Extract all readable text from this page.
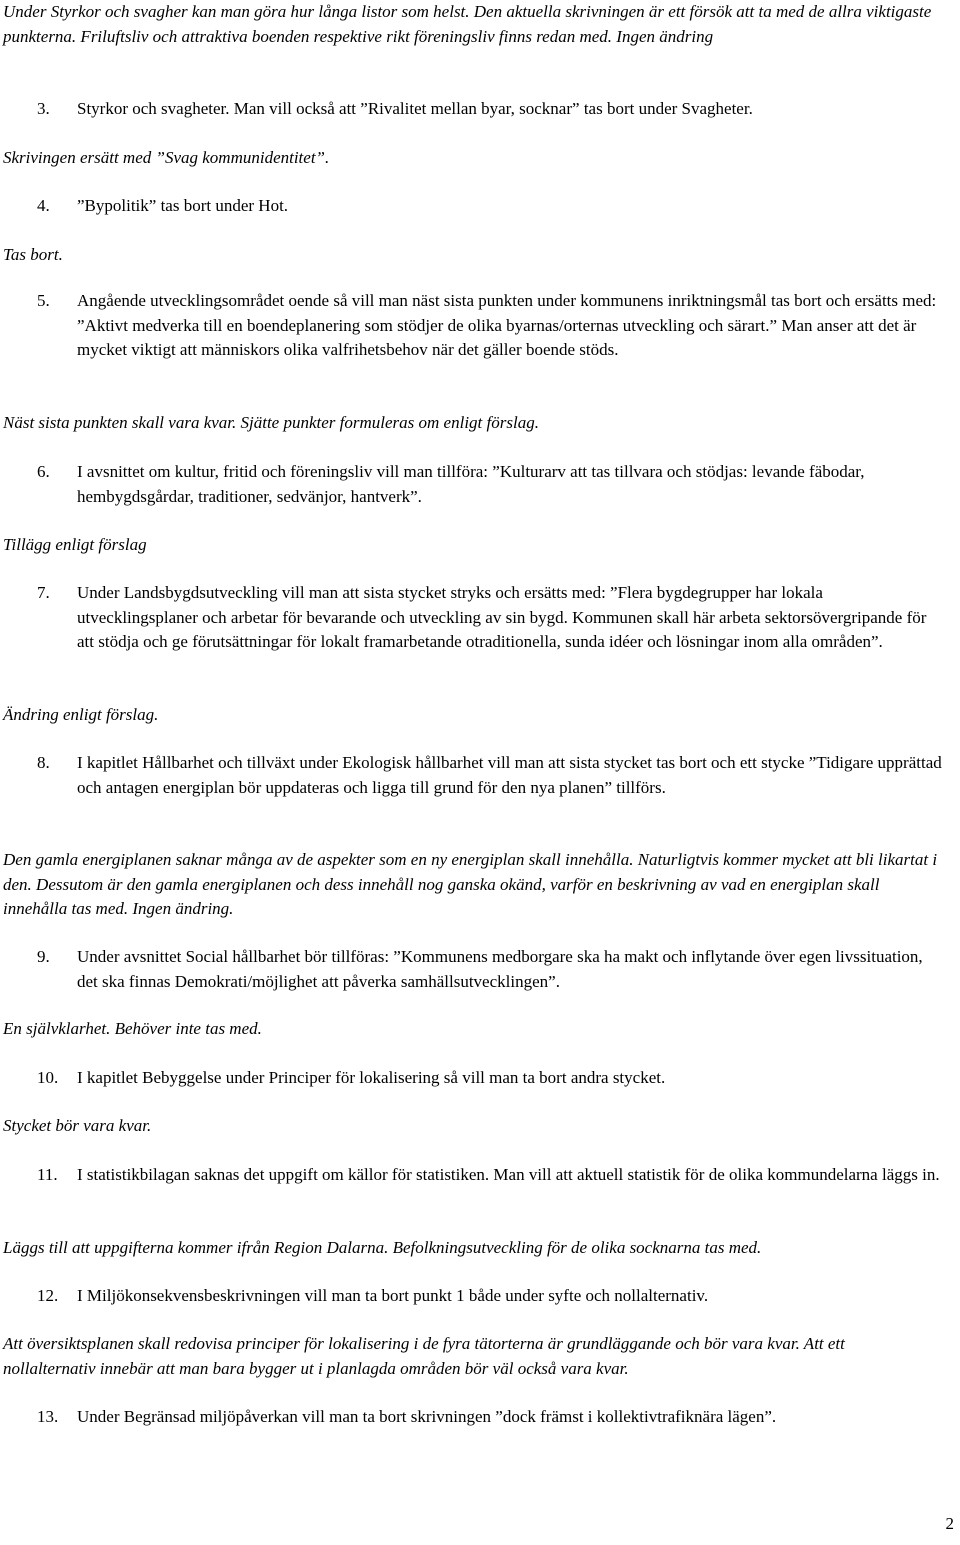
Under Styrkor och svagher kan man göra hur långa listor som helst. Den aktuella skrivningen är ett försök att ta med de allra viktigaste punkterna. Friluftsliv och attraktiva boenden respektive rikt föreningsliv finns redan med. Ingen ändring

3. Styrkor och svagheter. Man vill också att ”Rivalitet mellan byar, socknar” tas bort under Svagheter.

Skrivingen ersätt med ”Svag kommunidentitet”.

4. ”Bypolitik” tas bort under Hot.

Tas bort.

5. Angående utvecklingsområdet oende så vill man näst sista punkten under kommunens inriktningsmål tas bort och ersätts med: ”Aktivt medverka till en boendeplanering som stödjer de olika byarnas/orternas utveckling och särart.” Man anser att det är mycket viktigt att människors olika valfrihetsbehov när det gäller boende stöds.

Näst sista punkten skall vara kvar. Sjätte punkter formuleras om enligt förslag.

6. I avsnittet om kultur, fritid och föreningsliv vill man tillföra: ”Kulturarv att tas tillvara och stödjas: levande fäbodar, hembygdsgårdar, traditioner, sedvänjor, hantverk”.

Tillägg enligt förslag

7. Under Landsbygdsutveckling vill man att sista stycket stryks och ersätts med: ”Flera bygdegrupper har lokala utvecklingsplaner och arbetar för bevarande och utveckling av sin bygd. Kommunen skall här arbeta sektorsövergripande för att stödja och ge förutsättningar för lokalt framarbetande otraditionella, sunda idéer och lösningar inom alla områden”.

Ändring enligt förslag.

8. I kapitlet Hållbarhet och tillväxt under Ekologisk hållbarhet vill man att sista stycket tas bort och ett stycke ”Tidigare upprättad och antagen energiplan bör uppdateras och ligga till grund för den nya planen” tillförs.

Den gamla energiplanen saknar många av de aspekter som en ny energiplan skall innehålla. Naturligtvis kommer mycket att bli likartat i den. Dessutom är den gamla energiplanen och dess innehåll nog ganska okänd, varför en beskrivning av vad en energiplan skall innehålla tas med. Ingen ändring.

9. Under avsnittet Social hållbarhet bör tillföras: ”Kommunens medborgare ska ha makt och inflytande över egen livssituation, det ska finnas Demokrati/möjlighet att påverka samhällsutvecklingen”.

En självklarhet. Behöver inte tas med.

10. I kapitlet Bebyggelse under Principer för lokalisering så vill man ta bort andra stycket.

Stycket bör vara kvar.

11. I statistikbilagan saknas det uppgift om källor för statistiken. Man vill att aktuell statistik för de olika kommundelarna läggs in.

Läggs till att uppgifterna kommer ifrån Region Dalarna. Befolkningsutveckling för de olika socknarna tas med.

12. I Miljökonsekvensbeskrivningen vill man ta bort punkt 1 både under syfte och nollalternativ.

Att översiktsplanen skall redovisa principer för lokalisering i de fyra tätorterna är grundläggande och bör vara kvar. Att ett nollalternativ innebär att man bara bygger ut i planlagda områden bör väl också vara kvar.

13. Under Begränsad miljöpåverkan vill man ta bort skrivningen ”dock främst i kollektivtrafiknära lägen”.

2
